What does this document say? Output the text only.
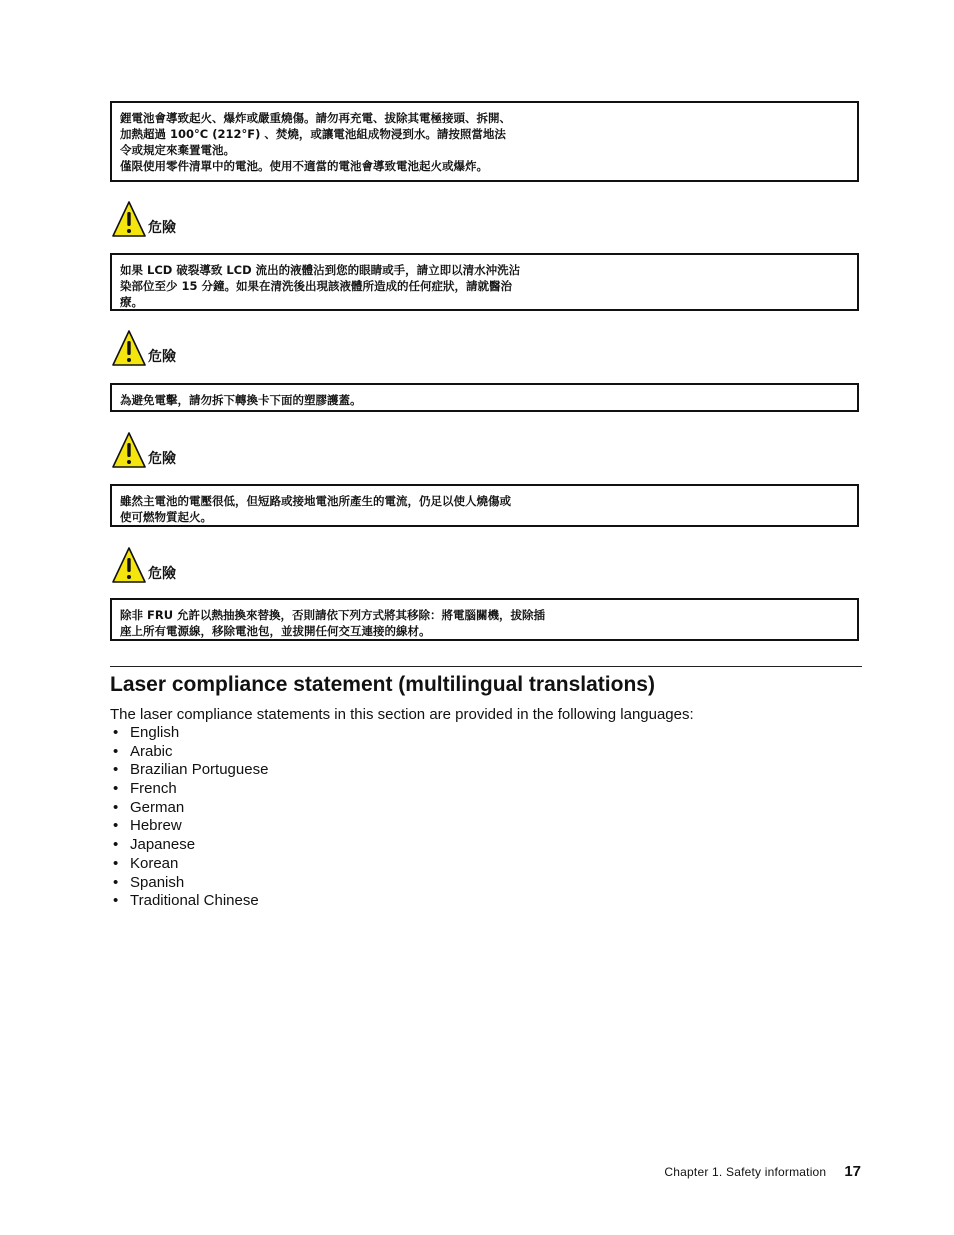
鋰電池會導致起火、爆炸或嚴重燒傷。請勿再充電、拔除其電極接頭、拆開、
加熱超過 100°C (212°F) 、焚燒，或讓電池組成物浸到水。請按照當地法
令或規定來棄置電池。
僅限使用零件清單中的電池。使用不適當的電池會導致電池起火或爆炸。
危險
如果 LCD 破裂導致 LCD 流出的液體沾到您的眼睛或手，請立即以清水沖洗沾
染部位至少 15 分鐘。如果在清洗後出現該液體所造成的任何症狀，請就醫治
療。
危險
為避免電擊，請勿拆下轉換卡下面的塑膠護蓋。
危險
雖然主電池的電壓很低，但短路或接地電池所產生的電流，仍足以使人燒傷或
使可燃物質起火。
危險
除非 FRU 允許以熱抽換來替換，否則請依下列方式將其移除：將電腦關機，拔除插
座上所有電源線，移除電池包，並拔開任何交互連接的線材。
Laser compliance statement (multilingual translations)

The laser compliance statements in this section are provided in the following languages:

• English
• Arabic
• Brazilian Portuguese
• French
• German
• Hebrew
• Japanese
• Korean
• Spanish
• Traditional Chinese
Chapter 1. Safety information 17
